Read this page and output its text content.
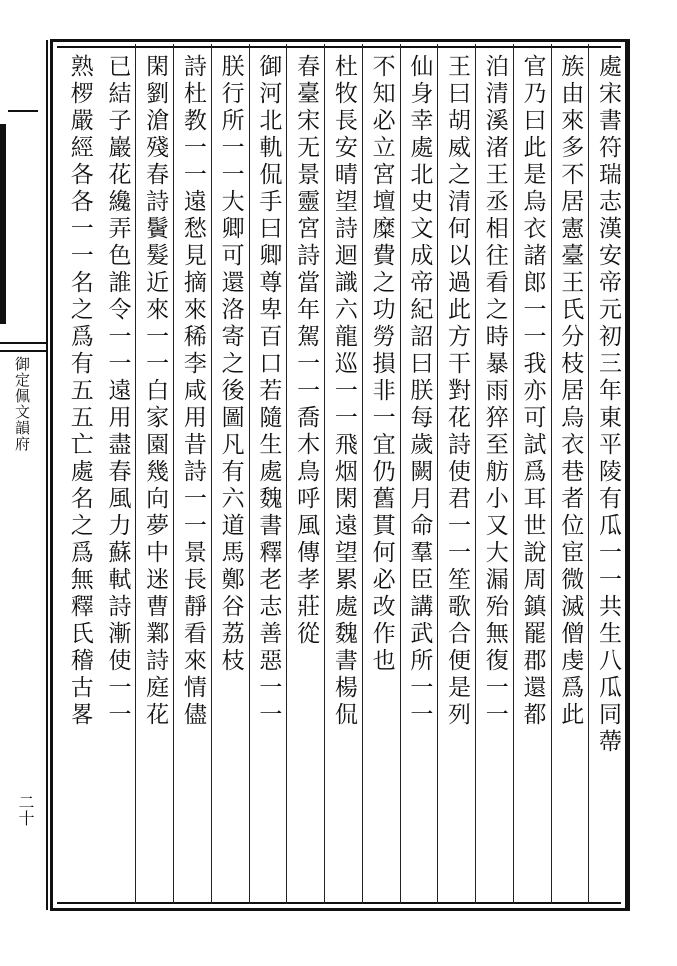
御定佩文韻府
二十
處宋書符瑞志漢安帝元初三年東平陵有瓜一一共生八瓜同蔕
族由來多不居憲臺王氏分枝居烏衣巷者位宦微滅僧虔爲此
官乃曰此是烏衣諸郎一一我亦可試爲耳世說周鎮罷郡還都
泊清溪渚王丞相往看之時暴雨猝至舫小又大漏殆無復一一
王曰胡威之清何以過此方干對花詩使君一一笙歌合便是列
仙身幸處北史文成帝紀詔曰朕每歲闕月命羣臣講武所一一
不知必立宮壇糜費之功勞損非一宜仍舊貫何必改作也
杜牧長安晴望詩迴識六龍巡一一飛烟閑遠望累處魏書楊侃
春臺宋无景靈宮詩當年駕一一喬木鳥呼風傳孝莊從
御河北軌侃手曰卿尊卑百口若隨生處魏書釋老志善惡一一
朕行所一一大卿可還洛寄之後圖凡有六道馬鄭谷荔枝
詩杜教一一遠愁見摘來稀李咸用昔詩一一景長靜看來情儘
閑劉滄殘春詩鬢髮近來一一白家園幾向夢中迷曹鄴詩庭花
已結子巖花纔弄色誰令一一遠用盡春風力蘇軾詩漸使一一
熟椤嚴經各各一一名之爲有五五亡處名之爲無釋氏稽古畧
